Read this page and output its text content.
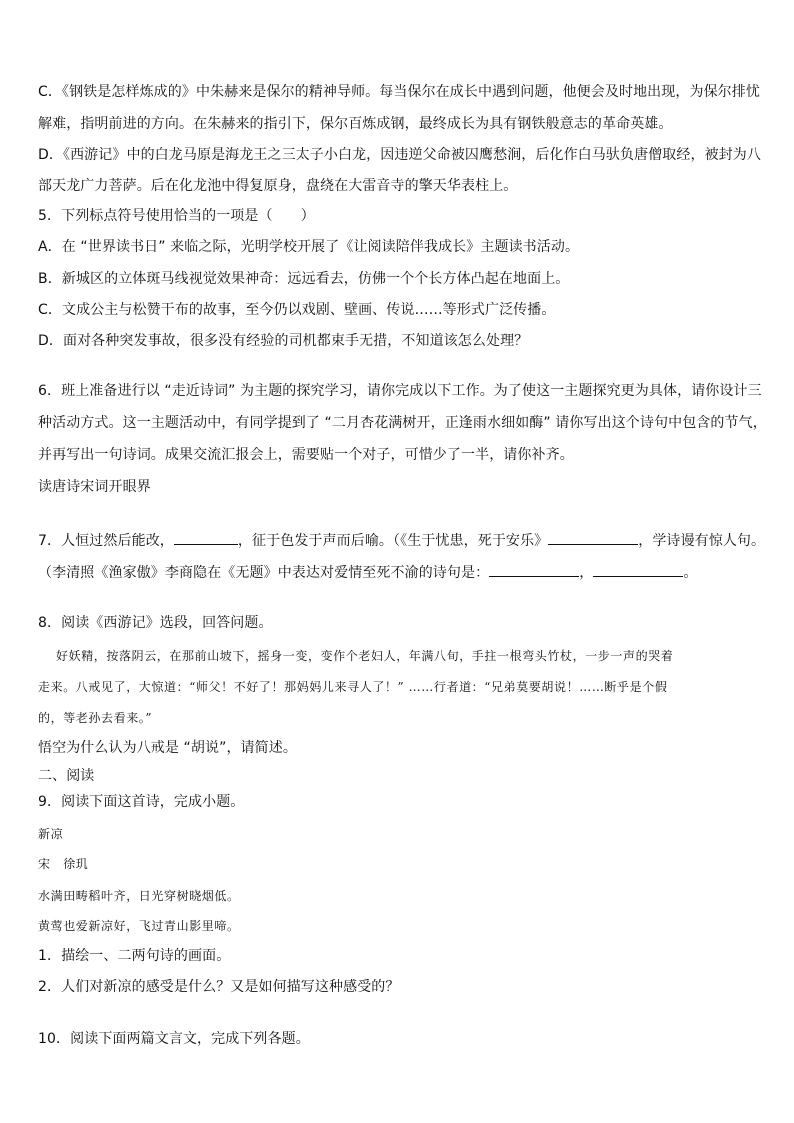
C．《钢铁是怎样炼成的》中朱赫来是保尔的精神导师。每当保尔在成长中遇到问题，他便会及时地出现，为保尔排忧
解难，指明前进的方向。在朱赫来的指引下，保尔百炼成钢，最终成长为具有钢铁般意志的革命英雄。
D．《西游记》中的白龙马原是海龙王之三太子小白龙，因违逆父命被囚鹰愁涧，后化作白马驮负唐僧取经，被封为八
部天龙广力菩萨。后在化龙池中得复原身，盘绕在大雷音寺的擎天华表柱上。
5．下列标点符号使用恰当的一项是（　　）
A．在 “世界读书日” 来临之际，光明学校开展了《让阅读陪伴我成长》主题读书活动。
B．新城区的立体斑马线视觉效果神奇：远远看去，仿佛一个个长方体凸起在地面上。
C．文成公主与松赞干布的故事，至今仍以戏剧、壁画、传说……等形式广泛传播。
D．面对各种突发事故，很多没有经验的司机都束手无措，不知道该怎么处理？
6．班上准备进行以 “走近诗词” 为主题的探究学习，请你完成以下工作。为了使这一主题探究更为具体，请你设计三
种活动方式。这一主题活动中，有同学提到了 “二月杏花满树开，正逢雨水细如酶” 请你写出这个诗句中包含的节气，
并再写出一句诗词。成果交流汇报会上，需要贴一个对子，可惜少了一半，请你补齐。
读唐诗宋词开眼界
7．人恒过然后能改，	，征于色发于声而后喻。（《生于忧患，死于安乐》	，学诗谩有惊人句。
（李清照《渔家傲》李商隐在《无题》中表达对爱情至死不渝的诗句是：	，	。
8．阅读《西游记》选段，回答问题。
好妖精，按落阴云，在那前山坡下，摇身一变，变作个老妇人，年满八旬，手拄一根弯头竹杖，一步一声的哭着
走来。八戒见了，大惊道：“师父！不好了！那妈妈儿来寻人了！” ……行者道：“兄弟莫要胡说！……断乎是个假
的，等老孙去看来。”
悟空为什么认为八戒是 “胡说”，请简述。
二、阅读
9．阅读下面这首诗，完成小题。
新凉
宋　徐玑
水满田畴稻叶齐，日光穿树晓烟低。
黄莺也爱新凉好，飞过青山影里啼。
1．描绘一、二两句诗的画面。
2．人们对新凉的感受是什么？又是如何描写这种感受的？
10．阅读下面两篇文言文，完成下列各题。
